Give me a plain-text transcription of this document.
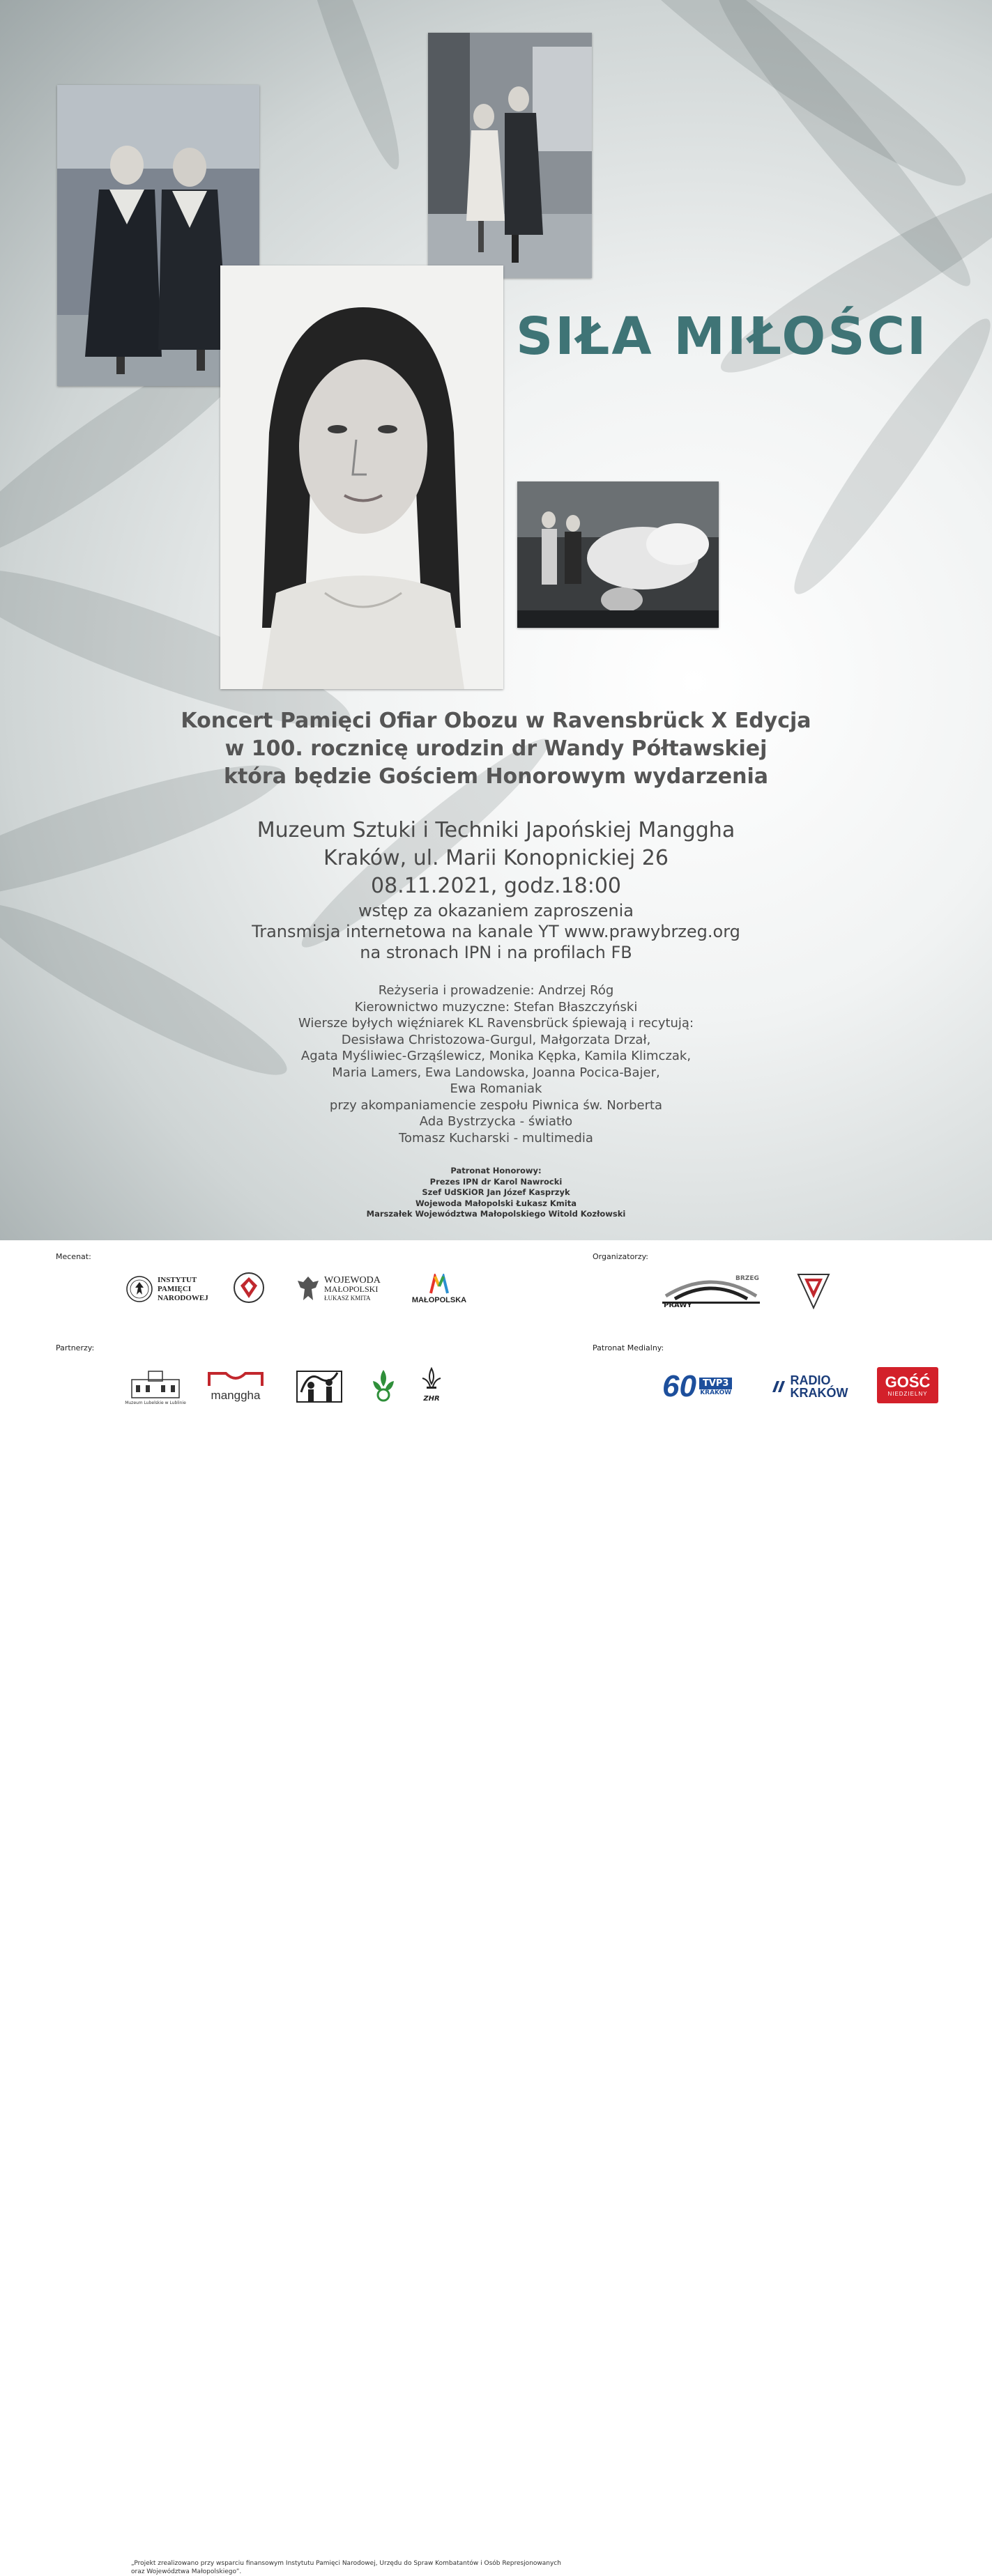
SIŁA MIŁOŚCI
Koncert Pamięci Ofiar Obozu w Ravensbrück X Edycja
w 100. rocznicę urodzin dr Wandy Półtawskiej
która będzie Gościem Honorowym wydarzenia
Muzeum Sztuki i Techniki Japońskiej Manggha
Kraków, ul. Marii Konopnickiej 26
08.11.2021, godz.18:00
wstęp za okazaniem zaproszenia
Transmisja internetowa na kanale YT www.prawybrzeg.org
na stronach IPN i na profilach FB
Reżyseria i prowadzenie: Andrzej Róg
Kierownictwo muzyczne: Stefan Błaszczyński
Wiersze byłych więźniarek KL Ravensbrück śpiewają i recytują:
Desisława Christozowa-Gurgul, Małgorzata Drzał,
Agata Myśliwiec-Grząślewicz, Monika Kępka, Kamila Klimczak,
Maria Lamers, Ewa Landowska, Joanna Pocica-Bajer,
Ewa Romaniak
przy akompaniamencie zespołu Piwnica św. Norberta
Ada Bystrzycka - światło
Tomasz Kucharski - multimedia
Patronat Honorowy:
Prezes IPN dr Karol Nawrocki
Szef UdSKiOR Jan Józef Kasprzyk
Wojewoda Małopolski Łukasz Kmita
Marszałek Województwa Małopolskiego Witold Kozłowski
Mecenat:	Organizatorzy:
INSTYTUT
PAMIĘCI
NARODOWEJ
WOJEWODA
MAŁOPOLSKI
ŁUKASZ KMITA	MAŁOPOLSKA
PRAWY
BRZEG
„Projekt zrealizowano przy wsparciu finansowym Instytutu Pamięci Narodowej, Urzędu do Spraw Kombatantów i Osób Represjonowanych oraz Województwa Małopolskiego”.
Partnerzy:	Patronat Medialny:
Muzeum Lubelskie w Lublinie
manggha	ZHR	60 TVP3
KRAKÓW
RADIO
KRAKÓW
GOŚĆ
NIEDZIELNY
